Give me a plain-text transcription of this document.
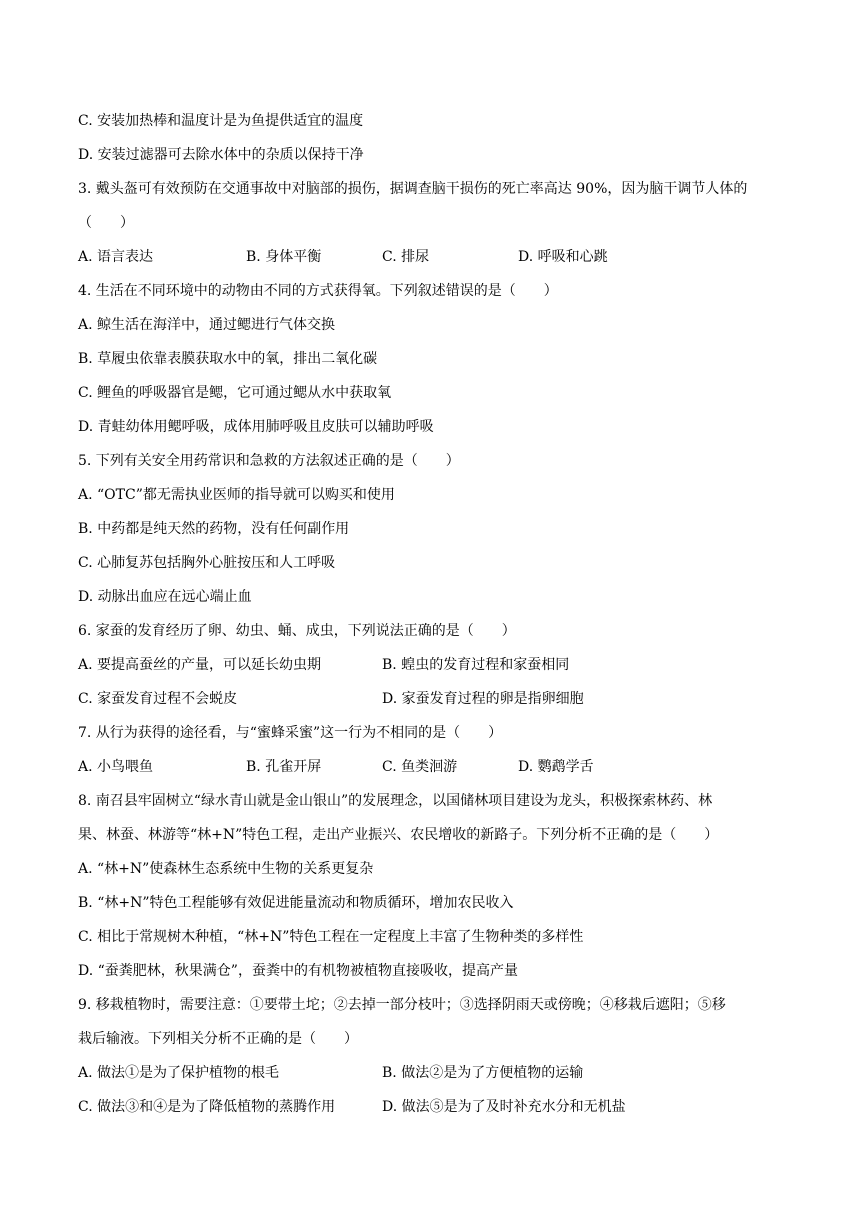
C. 安装加热棒和温度计是为鱼提供适宜的温度
D. 安装过滤器可去除水体中的杂质以保持干净
3. 戴头盔可有效预防在交通事故中对脑部的损伤，据调查脑干损伤的死亡率高达 90%，因为脑干调节人体的
（　　）
A. 语言表达	B. 身体平衡	C. 排尿	D. 呼吸和心跳
4. 生活在不同环境中的动物由不同的方式获得氧。下列叙述错误的是（　　）
A. 鲸生活在海洋中，通过鳃进行气体交换
B. 草履虫依靠表膜获取水中的氧，排出二氧化碳
C. 鲤鱼的呼吸器官是鳃，它可通过鳃从水中获取氧
D. 青蛙幼体用鳃呼吸，成体用肺呼吸且皮肤可以辅助呼吸
5. 下列有关安全用药常识和急救的方法叙述正确的是（　　）
A. “OTC”都无需执业医师的指导就可以购买和使用
B. 中药都是纯天然的药物，没有任何副作用
C. 心肺复苏包括胸外心脏按压和人工呼吸
D. 动脉出血应在远心端止血
6. 家蚕的发育经历了卵、幼虫、蛹、成虫，下列说法正确的是（　　）
A. 要提高蚕丝的产量，可以延长幼虫期	B. 蝗虫的发育过程和家蚕相同
C. 家蚕发育过程不会蜕皮	D. 家蚕发育过程的卵是指卵细胞
7. 从行为获得的途径看，与“蜜蜂采蜜”这一行为不相同的是（　　）
A. 小鸟喂鱼	B. 孔雀开屏	C. 鱼类洄游	D. 鹦鹉学舌
8. 南召县牢固树立“绿水青山就是金山银山”的发展理念，以国储林项目建设为龙头，积极探索林药、林
果、林蚕、林游等“林+N”特色工程，走出产业振兴、农民增收的新路子。下列分析不正确的是（　　）
A. “林+N”使森林生态系统中生物的关系更复杂
B. “林+N”特色工程能够有效促进能量流动和物质循环，增加农民收入
C. 相比于常规树木种植，“林+N”特色工程在一定程度上丰富了生物种类的多样性
D. “蚕粪肥林，秋果满仓”，蚕粪中的有机物被植物直接吸收，提高产量
9. 移栽植物时，需要注意：①要带土坨；②去掉一部分枝叶；③选择阴雨天或傍晚；④移栽后遮阳；⑤移
栽后输液。下列相关分析不正确的是（　　）
A. 做法①是为了保护植物的根毛	B. 做法②是为了方便植物的运输
C. 做法③和④是为了降低植物的蒸腾作用	D. 做法⑤是为了及时补充水分和无机盐
